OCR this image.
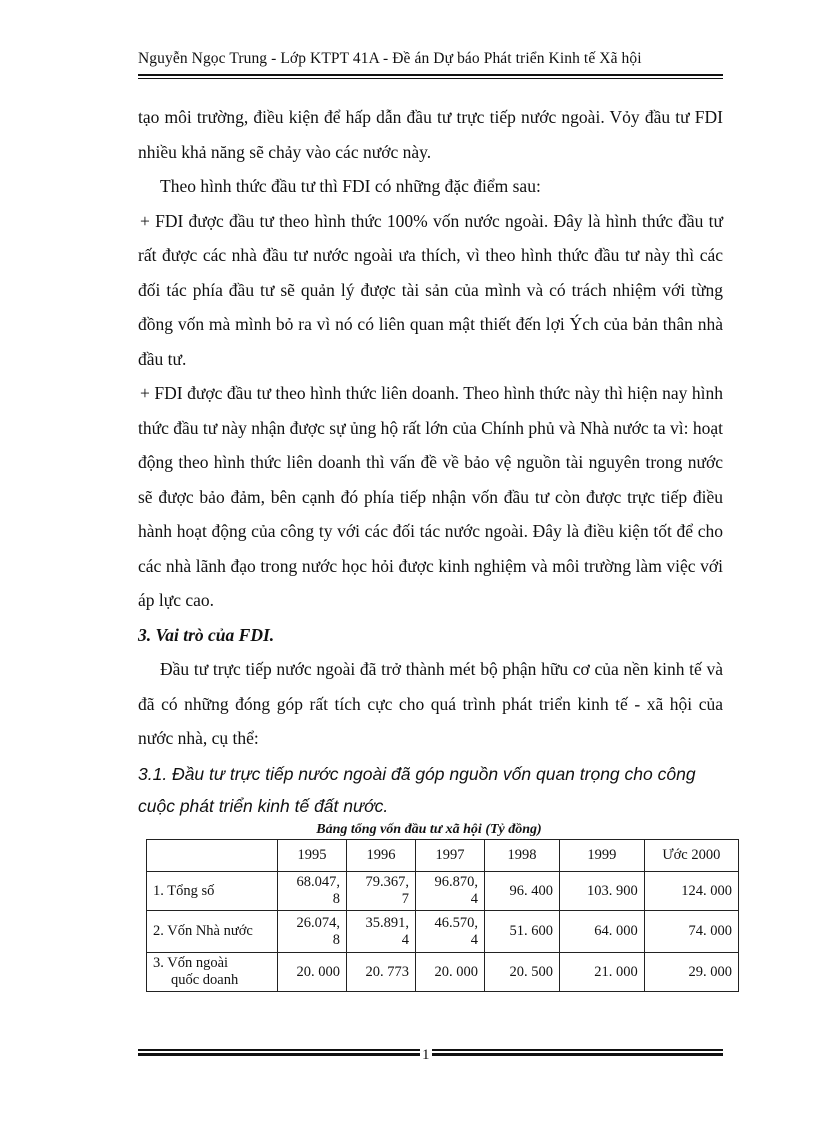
Nguyễn Ngọc Trung - Lớp KTPT 41A - Đề án Dự báo Phát triển Kinh tế Xã hội

tạo môi trường, điều kiện để hấp dẫn đầu tư trực tiếp nước ngoài. Vỏy đầu tư FDI nhiều khả năng sẽ chảy vào các nước này.

Theo hình thức đầu tư thì FDI có những đặc điểm sau:

+ FDI được đầu tư theo hình thức 100% vốn nước ngoài. Đây là hình thức đầu tư rất được các nhà đầu tư nước ngoài ưa thích, vì theo hình thức đầu tư này thì các đối tác phía đầu tư sẽ quản lý được tài sản của mình và có trách nhiệm với từng đồng vốn mà mình bỏ ra vì nó có liên quan mật thiết đến lợi Ých của bản thân nhà đầu tư.

+ FDI được đầu tư theo hình thức liên doanh. Theo hình thức này thì hiện nay hình thức đầu tư này nhận được sự ủng hộ rất lớn của Chính phủ và Nhà nước ta vì: hoạt động theo hình thức liên doanh thì vấn đề về bảo vệ nguồn tài nguyên trong nước sẽ được bảo đảm, bên cạnh đó phía tiếp nhận vốn đầu tư còn được trực tiếp điều hành hoạt động của công ty với các đối tác nước ngoài. Đây là điều kiện tốt để cho các nhà lãnh đạo trong nước học hỏi được kinh nghiệm và môi trường làm việc với áp lực cao.

3. Vai trò của FDI.

Đầu tư trực tiếp nước ngoài đã trở thành mét bộ phận hữu cơ của nền kinh tế và đã có những đóng góp rất tích cực cho quá trình phát triển kinh tế - xã hội của nước nhà, cụ thể:

3.1. Đầu tư trực tiếp nước ngoài đã góp nguồn vốn quan trọng cho công cuộc phát triển kinh tế đất nước.

Bảng tổng vốn đầu tư xã hội (Tỷ đồng)
	1995	1996	1997	1998	1999	Ước 2000
1. Tổng số	68.047,
8	79.367,
7	96.870,
4	96. 400	103. 900	124. 000
2. Vốn Nhà nước	26.074,
8	35.891,
4	46.570,
4	51. 600	64. 000	74. 000

3. Vốn ngoài
quốc doanh	20. 000	20. 773	20. 000	20. 500	21. 000	29. 000
1
